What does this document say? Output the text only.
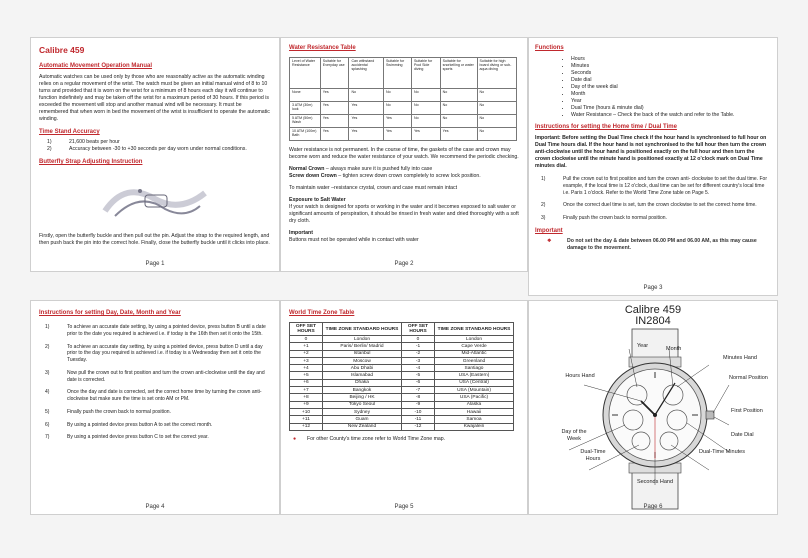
Calibre 459
Automatic Movement Operation Manual
Automatic watches can be used only by those who are reasonably active as the automatic winding relies on a regular movement of the wrist. The watch must be given an initial manual wind of 8 to 10 turns and provided that it is worn on the wrist for a minimum of 8 hours each day it will continue to function indefinitely and may be taken off the wrist for a maximum period of 30 hours. If this period is exceeded the movement will stop and another manual wind will be necessary. It must be remembered that when worn in bed the movement of the wrist is insufficient to operate the automatic winding.
Time Stand Accuracy
1)	21,600 beats per hour
2)	Accuracy between -30 to +30 seconds per day worn under normal conditions.
Butterfly Strap Adjusting Instruction
Firstly, open the butterfly buckle and then pull out the pin. Adjust the strap to the required length, and then push back the pin into the correct hole. Finally, close the butterfly buckle until it clicks into place.
Page 1
Water Resistance Table
Level of Water Resistance	Suitable for Everyday use	Can withstand accidental splashing	Suitable for Swimming	Suitable for Pool Side diving	Suitable for snorkelling or water sports	Suitable for high board diving or sub-aqua diving
None	Yes	No	No	No	No	No
3 ATM (30m) look	Yes	Yes	No	No	No	No
5 ATM (50m) Wash	Yes	Yes	Yes	No	No	No
10 ATM (100m) Bath	Yes	Yes	Yes	Yes	Yes	No
Water resistance is not permanent. In the course of time, the gaskets of the case and crown may become worn and reduce the water resistance of your watch. We recommend the periodic checking.
Normal Crown – always make sure it is pushed fully into case
Screw down Crown – tighten screw down crown completely to screw lock position.
To maintain water –resistance crystal, crown and case must remain intact
Exposure to Salt Water
If your watch is designed for sports or working in the water and it becomes exposed to salt water or significant amounts of perspiration, it should be rinsed in fresh water and dried thoroughly with a soft dry cloth.
Important
Buttons must not be operated while in contact with water
Page 2
Functions
• Hours
• Minutes
• Seconds
• Date dial
• Day of the week dial
• Month
• Year
• Dual Time (hours & minute dial)
• Water Resistance – Check the back of the watch and refer to the Table.
Instructions for setting the Home time / Dual Time
Important: Before setting the Dual Time check if the hour hand is synchronised to full hour on Dual Time hours dial. If the hour hand is not synchronised to the full hour then turn the crown anti-clockwise until the hour hand is positioned exactly on the full hour and then turn the crown clockwise until the minute hand is positioned exactly at 12 o'clock mark on Dual Time minutes dial.
1)	Pull the crown out to first position and turn the crown anti- clockwise to set the dual time. For example, if the local time is 12 o'clock, dual time can be set for different country's local time i.e. Paris 1 o'clock. Refer to the World Time Zone table on Page 5.
2)	Once the correct duel time is set, turn the crown clockwise to set the correct home time.
3)	Finally push the crown back to normal position.
Important
❖	Do not set the day & date between 06.00 PM and 06.00 AM, as this may cause damage to the movement.
Page 3
Instructions for setting Day, Date, Month and Year
1)	To achieve an accurate date setting, by using a pointed device, press button B until a date prior to the date you required is achieved i.e. if today is the 16th then set it onto the 15th.
2)	To achieve an accurate day setting, by using a pointed device, press button D until a day prior to the day you required is achieved i.e. if today is a Wednesday then set it onto the Tuesday.
3)	Now pull the crown out to first position and turn the crown anti-clockwise until the day and date is corrected.
4)	Once the day and date is corrected, set the correct home time by turning the crown anti-clockwise but make sure the time is set onto AM or PM.
5)	Finally push the crown back to normal position.
6)	By using a pointed device press button A to set the correct month.
7)	By using a pointed device press button C to set the correct year.
Page 4
World Time Zone Table
OFF SET HOURS	TIME ZONE STANDARD HOURS	OFF SET HOURS	TIME ZONE STANDARD HOURS
0	London	0	London
+1	Paris/ Berlin/ Madrid	-1	Cape Verde
+2	Istanbul	-2	Mid-Atlantic
+3	Moscow	-3	Greenland
+4	Abu Dhabi	-4	Santiago
+5	Islamabad	-5	USA (Eastern)
+6	Dhaka	-6	USA (Central)
+7	Bangkok	-7	USA (Mountain)
+8	Beijing / HK	-8	USA (Pacific)
+9	Tokyo Seoul	-9	Alaska
+10	Sydney	-10	Hawaii
+11	Guam	-11	Samoa
+12	New Zealand	-12	Kwajalein
●	For other County's time zone refer to World Time Zone map.
Page 5
Calibre 459
IN2804
Year	Month
Minutes Hand
Hours Hand	Normal Position
First Position
Date Dial
Day of the Week
Dual-Time Hours
Dual-Time Minutes
Seconds Hand
Page 6
